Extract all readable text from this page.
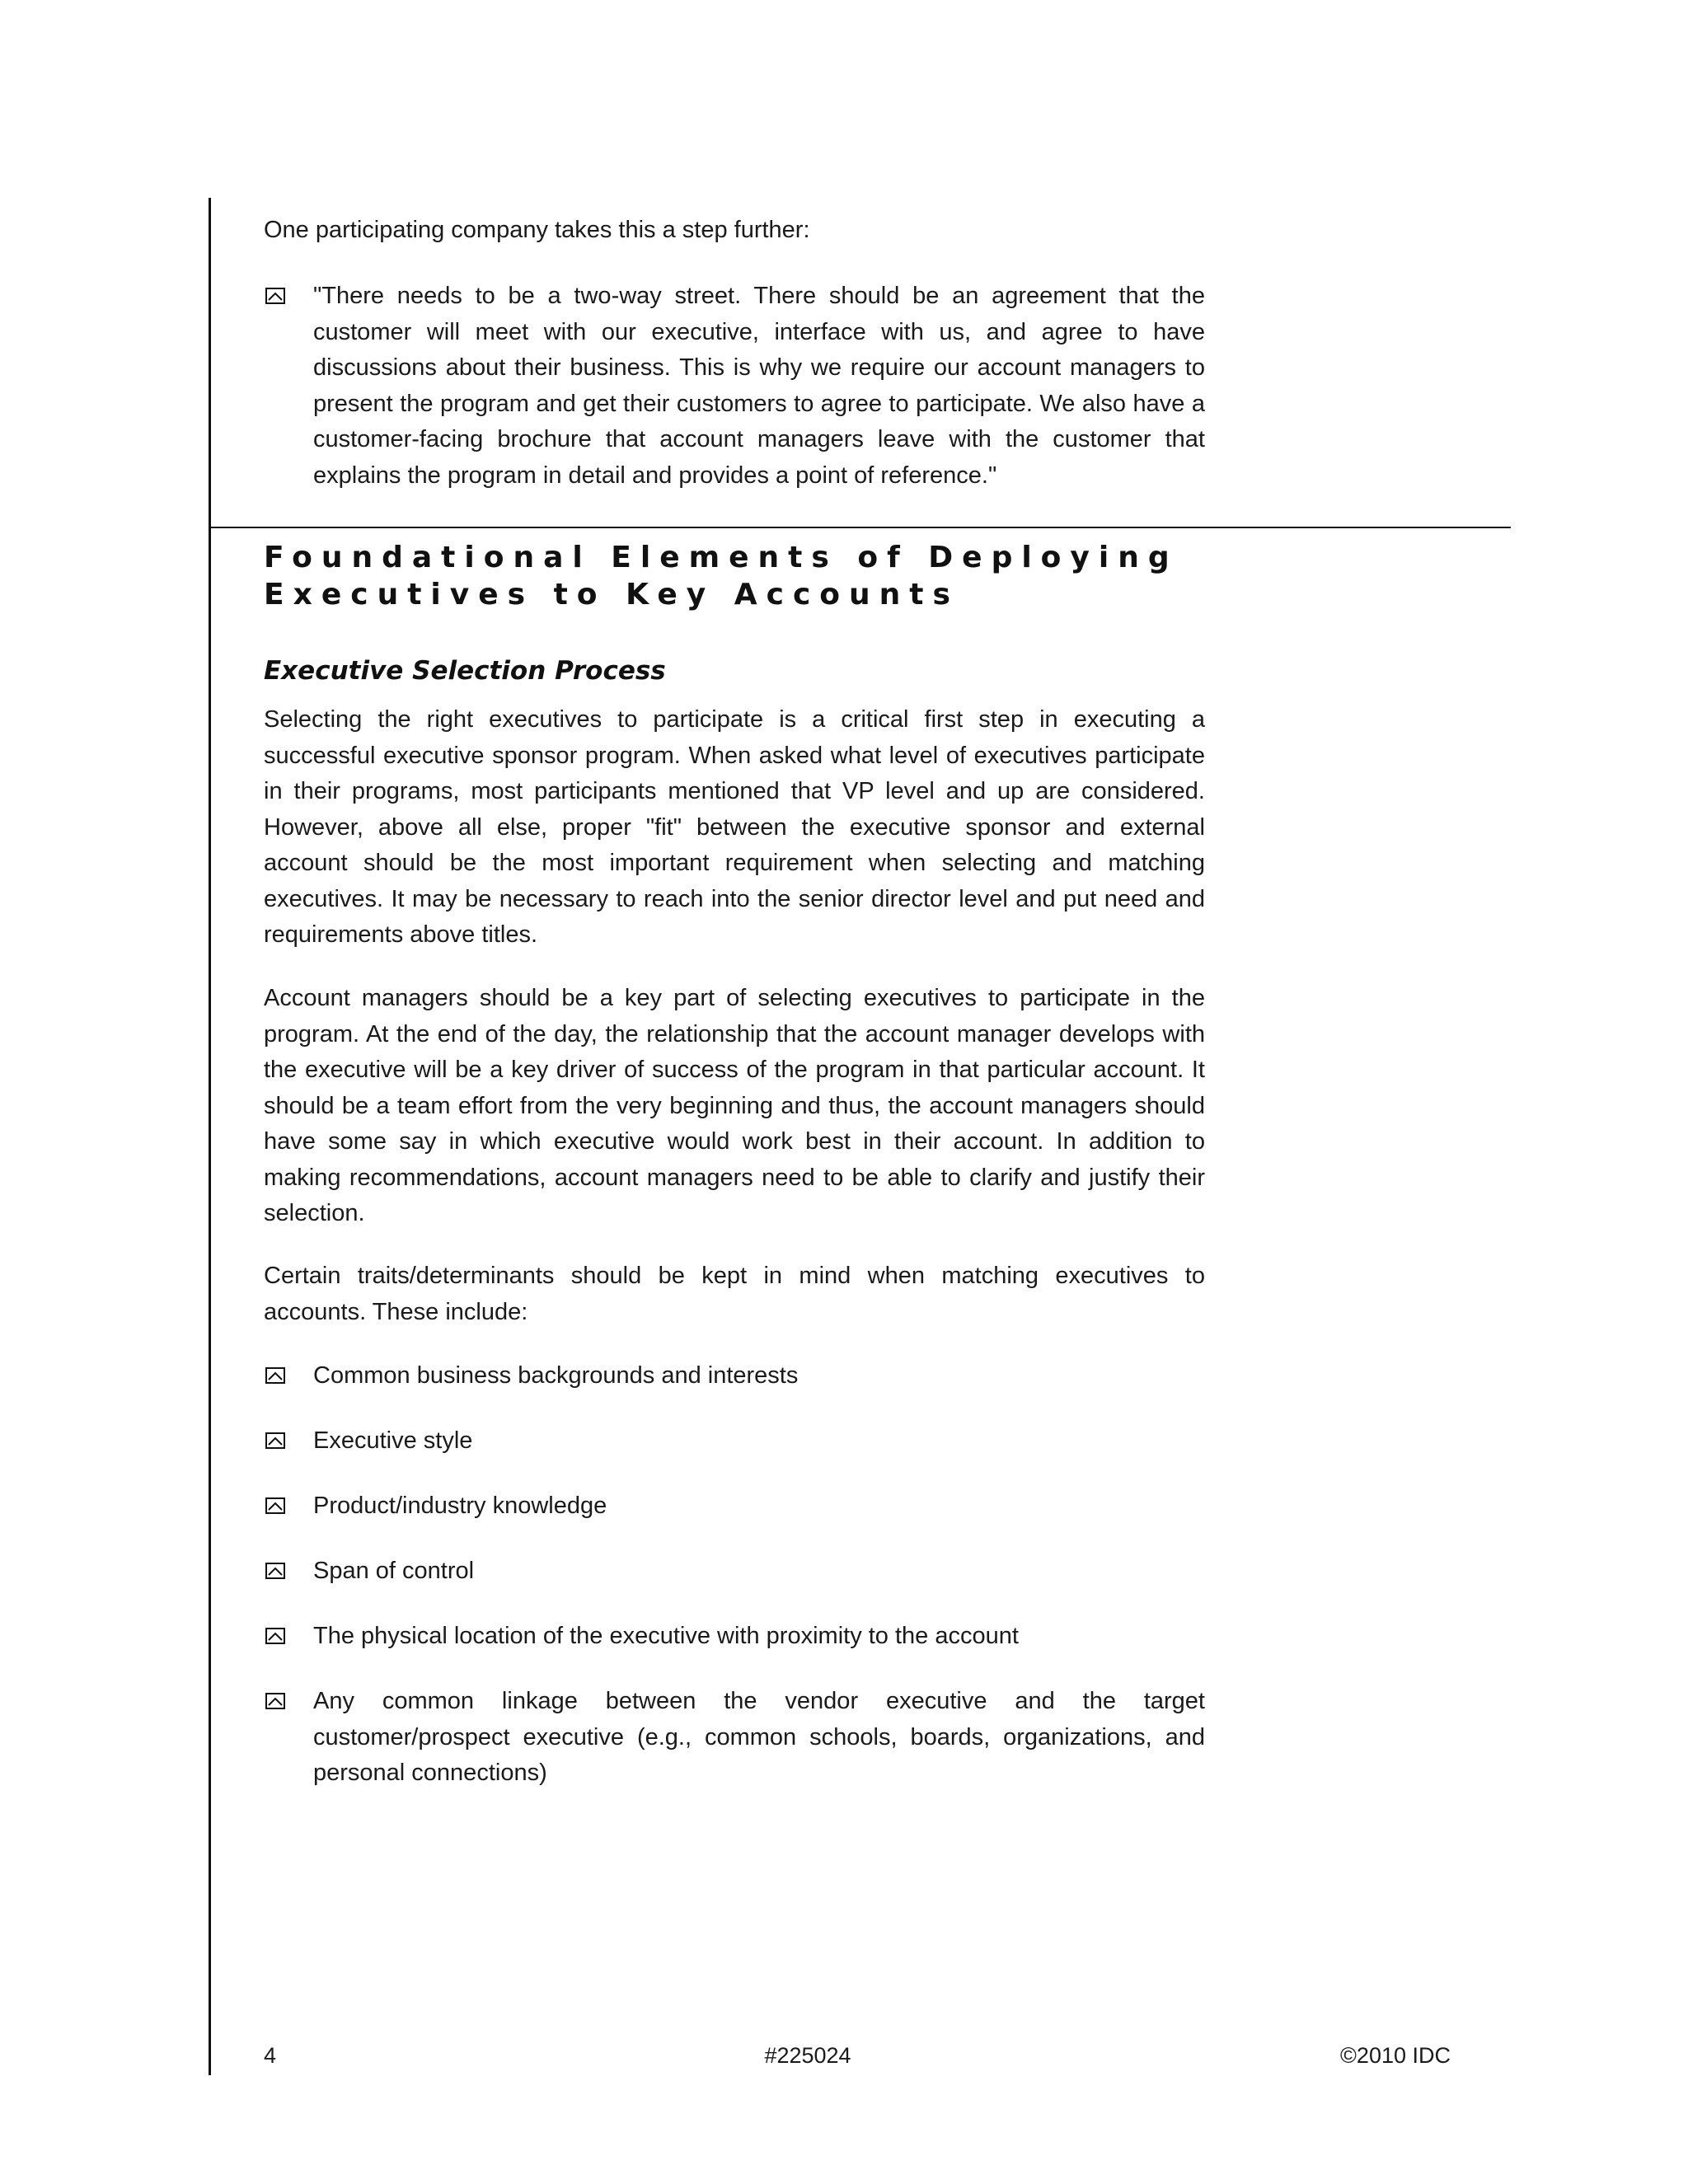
One participating company takes this a step further:

"There needs to be a two-way street. There should be an agreement that the customer will meet with our executive, interface with us, and agree to have discussions about their business. This is why we require our account managers to present the program and get their customers to agree to participate. We also have a customer-facing brochure that account managers leave with the customer that explains the program in detail and provides a point of reference."
Foundational Elements of Deploying
Executives to Key Accounts
Executive Selection Process

Selecting the right executives to participate is a critical first step in executing a successful executive sponsor program. When asked what level of executives participate in their programs, most participants mentioned that VP level and up are considered. However, above all else, proper "fit" between the executive sponsor and external account should be the most important requirement when selecting and matching executives. It may be necessary to reach into the senior director level and put need and requirements above titles.

Account managers should be a key part of selecting executives to participate in the program. At the end of the day, the relationship that the account manager develops with the executive will be a key driver of success of the program in that particular account. It should be a team effort from the very beginning and thus, the account managers should have some say in which executive would work best in their account. In addition to making recommendations, account managers need to be able to clarify and justify their selection.

Certain traits/determinants should be kept in mind when matching executives to accounts. These include:

Common business backgrounds and interests
Executive style
Product/industry knowledge
Span of control
The physical location of the executive with proximity to the account
Any common linkage between the vendor executive and the target customer/prospect executive (e.g., common schools, boards, organizations, and personal connections)
4	#225024	©2010 IDC
